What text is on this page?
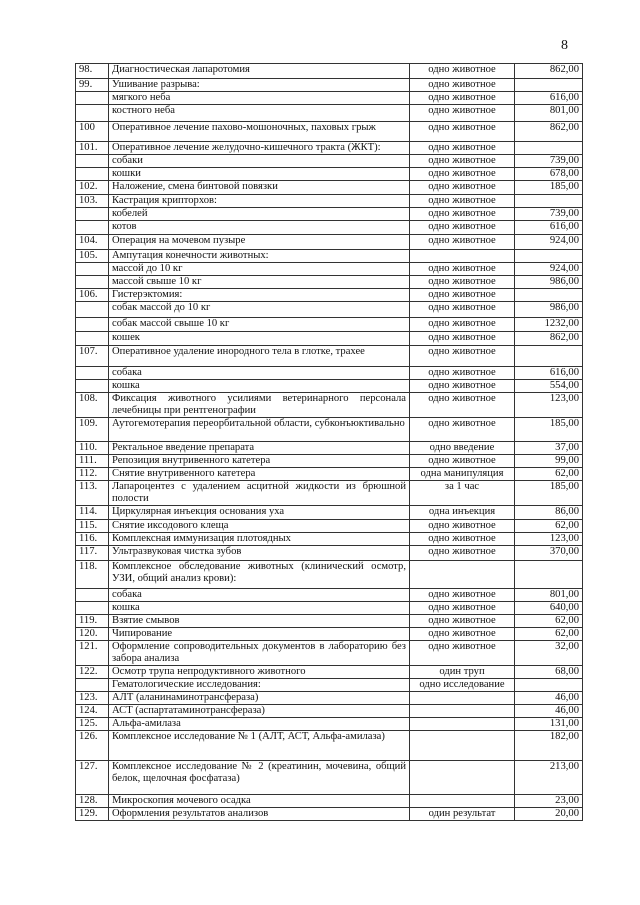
8
98.	Диагностическая лапаротомия	одно животное	862,00
99.	Ушивание разрыва:	одно животное	
	мягкого неба	одно животное	616,00
	костного неба	одно животное	801,00
100	Оперативное лечение пахово-мошоночных, паховых грыж	одно животное	862,00
101.	Оперативное лечение желудочно-кишечного тракта (ЖКТ):	одно животное	
	собаки	одно животное	739,00
	кошки	одно животное	678,00
102.	Наложение, смена бинтовой повязки	одно животное	185,00
103.	Кастрация крипторхов:	одно животное	
	кобелей	одно животное	739,00
	котов	одно животное	616,00
104.	Операция на мочевом пузыре	одно животное	924,00
105.	Ампутация конечности животных:		
	массой до 10 кг	одно животное	924,00
	массой свыше 10 кг	одно животное	986,00
106.	Гистерэктомия:	одно животное	
	собак массой до 10 кг	одно животное	986,00
	собак массой свыше 10 кг	одно животное	1232,00
	кошек	одно животное	862,00
107.	Оперативное удаление инородного тела в глотке, трахее	одно животное	
	собака	одно животное	616,00
	кошка	одно животное	554,00
108.	Фиксация животного усилиями ветеринарного персонала лечебницы при рентгенографии	одно животное	123,00
109.	Аутогемотерапия переорбитальной области, субконъюктивально	одно животное	185,00
110.	Ректальное введение препарата	одно введение	37,00
111.	Репозиция внутривенного катетера	одно животное	99,00
112.	Снятие внутривенного катетера	одна манипуляция	62,00
113.	Лапароцентез с удалением асцитной жидкости из брюшной полости	за 1 час	185,00
114.	Циркулярная инъекция основания уха	одна инъекция	86,00
115.	Снятие иксодового клеща	одно животное	62,00
116.	Комплексная иммунизация плотоядных	одно животное	123,00
117.	Ультразвуковая чистка зубов	одно животное	370,00
118.	Комплексное обследование животных (клинический осмотр, УЗИ, общий анализ крови):		
	собака	одно животное	801,00
	кошка	одно животное	640,00
119.	Взятие смывов	одно животное	62,00
120.	Чипирование	одно животное	62,00
121.	Оформление сопроводительных документов в лабораторию без забора анализа	одно животное	32,00
122.	Осмотр трупа непродуктивного животного	один труп	68,00
	Гематологические исследования:	одно исследование	
123.	АЛТ (аланинаминотрансфераза)		46,00
124.	АСТ (аспартатаминотрансфераза)		46,00
125.	Альфа-амилаза		131,00
126.	Комплексное исследование № 1 (АЛТ, АСТ, Альфа-амилаза)		182,00
127.	Комплексное исследование № 2 (креатинин, мочевина, общий белок, щелочная фосфатаза)		213,00
128.	Микроскопия мочевого осадка		23,00
129.	Оформления результатов анализов	один результат	20,00
